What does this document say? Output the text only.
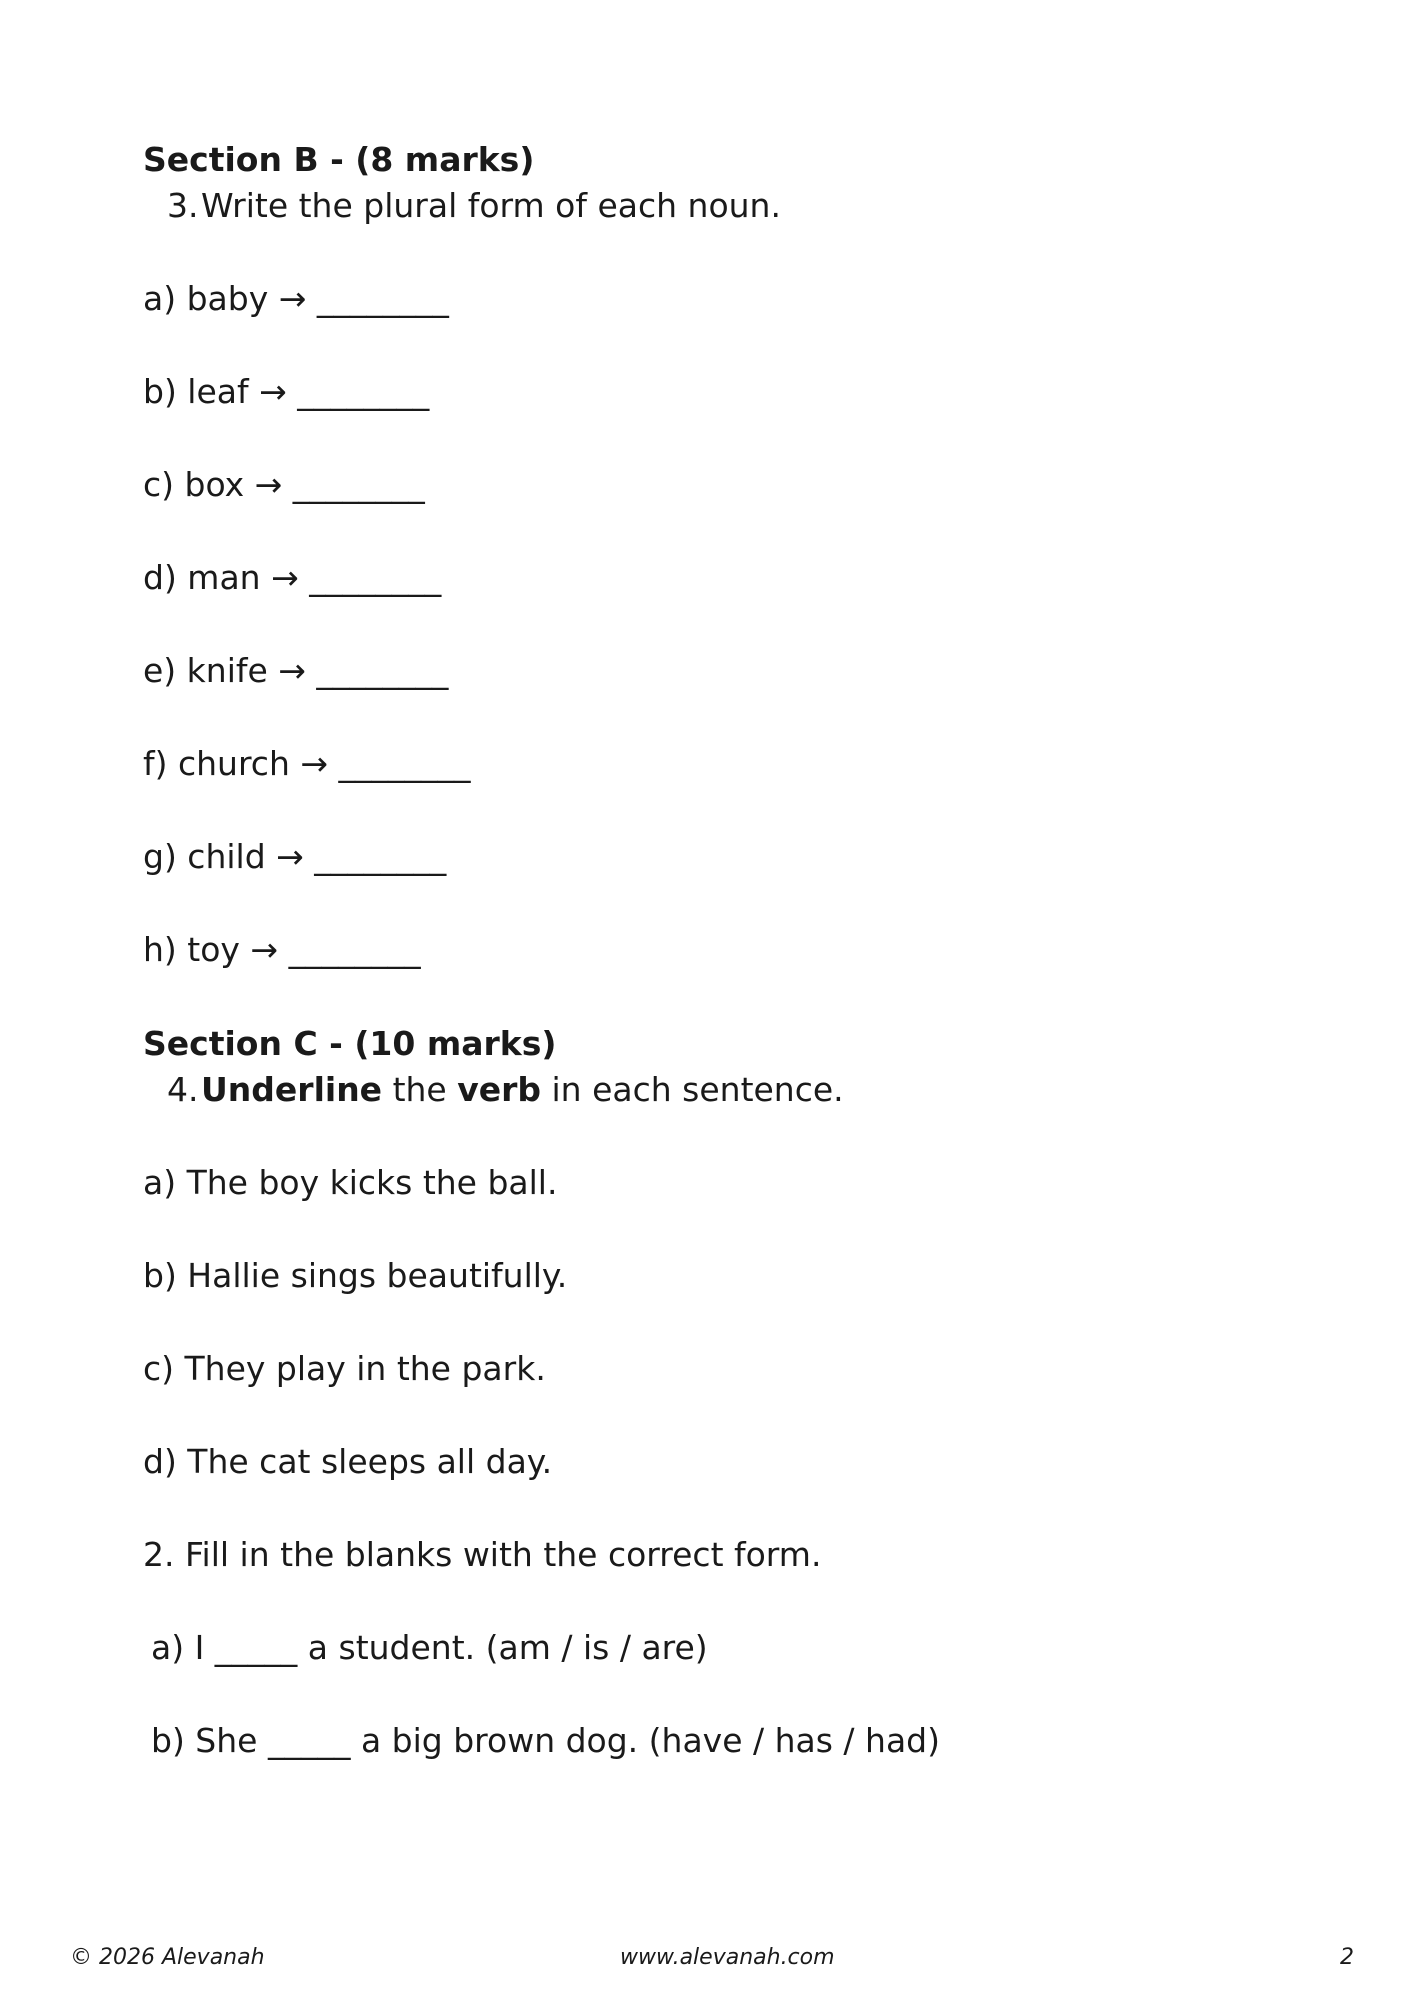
Section B - (8 marks)
3.Write the plural form of each noun.
a) baby → ________
b) leaf → ________
c) box → ________
d) man → ________
e) knife → ________
f) church → ________
g) child → ________
h) toy → ________
Section C - (10 marks)
4.Underline the verb in each sentence.
a) The boy kicks the ball.
b) Hallie sings beautifully.
c) They play in the park.
d) The cat sleeps all day.
2. Fill in the blanks with the correct form.
a) I _____ a student. (am / is / are)
b) She _____ a big brown dog. (have / has / had)
© 2026 Alevanah	www.alevanah.com	2
